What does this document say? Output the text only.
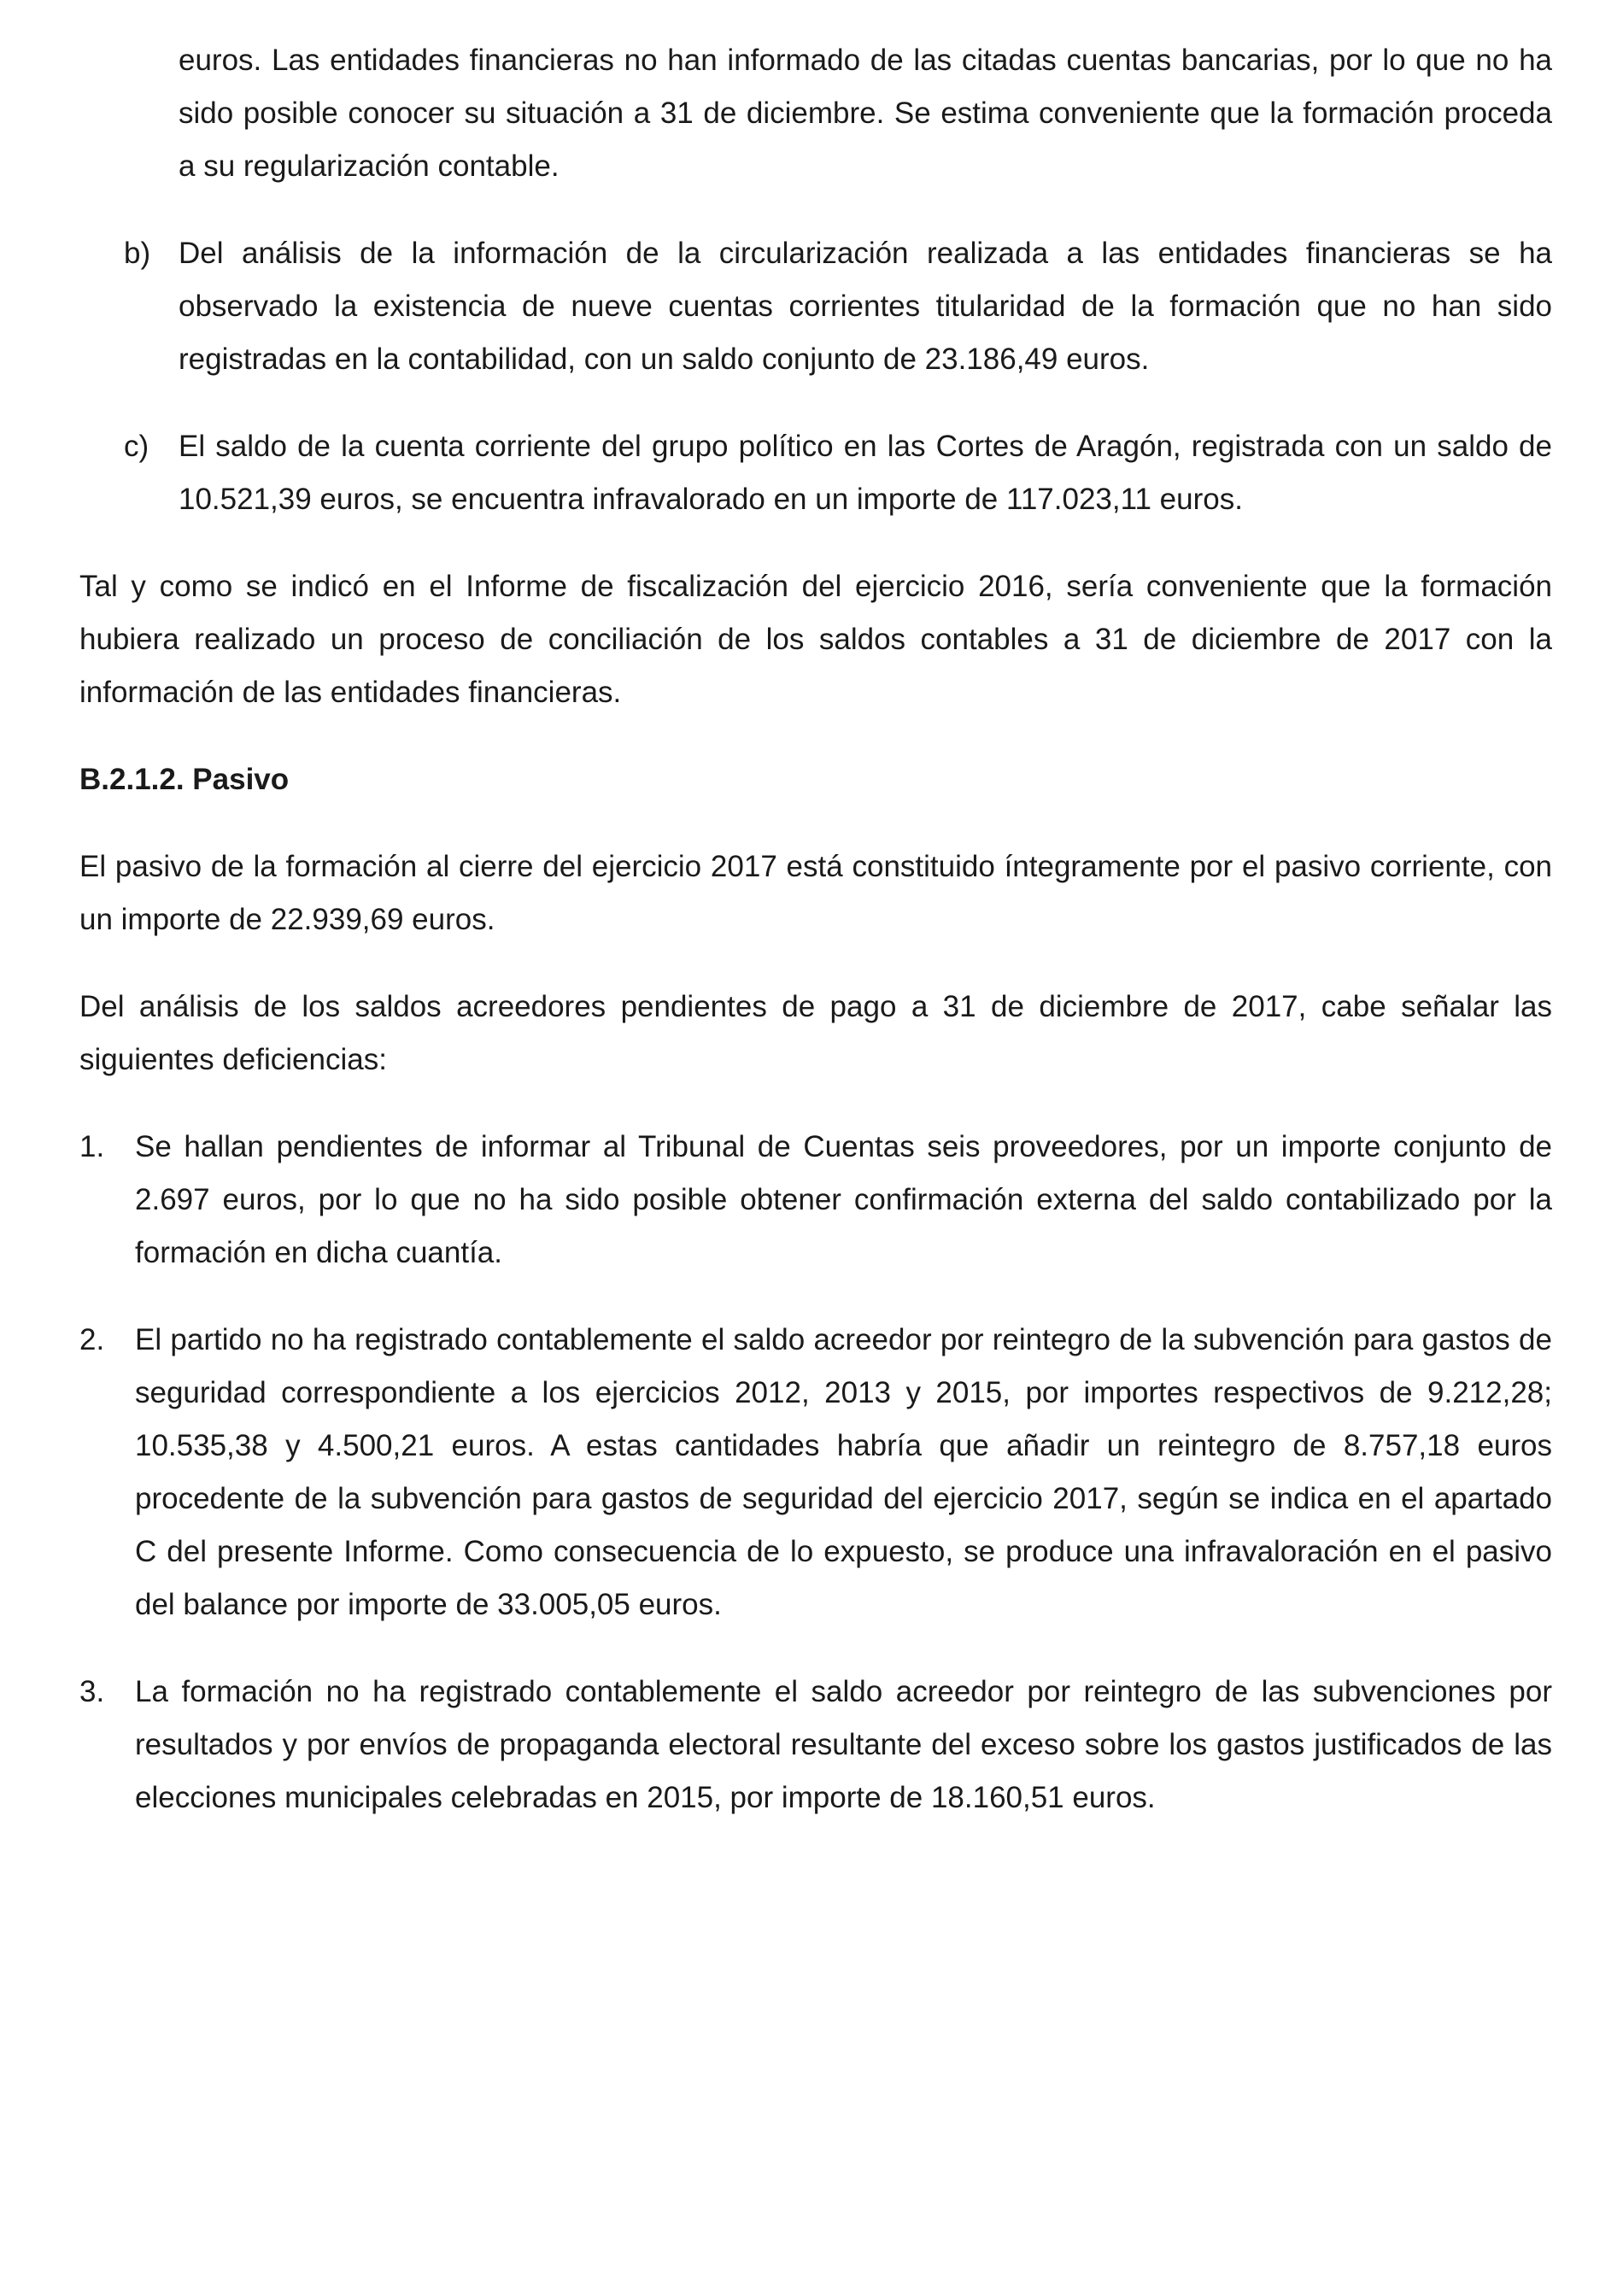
euros. Las entidades financieras no han informado de las citadas cuentas bancarias, por lo que no ha sido posible conocer su situación a 31 de diciembre. Se estima conveniente que la formación proceda a su regularización contable.

b) Del análisis de la información de la circularización realizada a las entidades financieras se ha observado la existencia de nueve cuentas corrientes titularidad de la formación que no han sido registradas en la contabilidad, con un saldo conjunto de 23.186,49 euros.
c) El saldo de la cuenta corriente del grupo político en las Cortes de Aragón, registrada con un saldo de 10.521,39 euros, se encuentra infravalorado en un importe de 117.023,11 euros.

Tal y como se indicó en el Informe de fiscalización del ejercicio 2016, sería conveniente que la formación hubiera realizado un proceso de conciliación de los saldos contables a 31 de diciembre de 2017 con la información de las entidades financieras.

B.2.1.2. Pasivo

El pasivo de la formación al cierre del ejercicio 2017 está constituido íntegramente por el pasivo corriente, con un importe de 22.939,69 euros.

Del análisis de los saldos acreedores pendientes de pago a 31 de diciembre de 2017, cabe señalar las siguientes deficiencias:

1. Se hallan pendientes de informar al Tribunal de Cuentas seis proveedores, por un importe conjunto de 2.697 euros, por lo que no ha sido posible obtener confirmación externa del saldo contabilizado por la formación en dicha cuantía.
2. El partido no ha registrado contablemente el saldo acreedor por reintegro de la subvención para gastos de seguridad correspondiente a los ejercicios 2012, 2013 y 2015, por importes respectivos de 9.212,28; 10.535,38 y 4.500,21 euros. A estas cantidades habría que añadir un reintegro de 8.757,18 euros procedente de la subvención para gastos de seguridad del ejercicio 2017, según se indica en el apartado C del presente Informe. Como consecuencia de lo expuesto, se produce una infravaloración en el pasivo del balance por importe de 33.005,05 euros.
3. La formación no ha registrado contablemente el saldo acreedor por reintegro de las subvenciones por resultados y por envíos de propaganda electoral resultante del exceso sobre los gastos justificados de las elecciones municipales celebradas en 2015, por importe de 18.160,51 euros.
